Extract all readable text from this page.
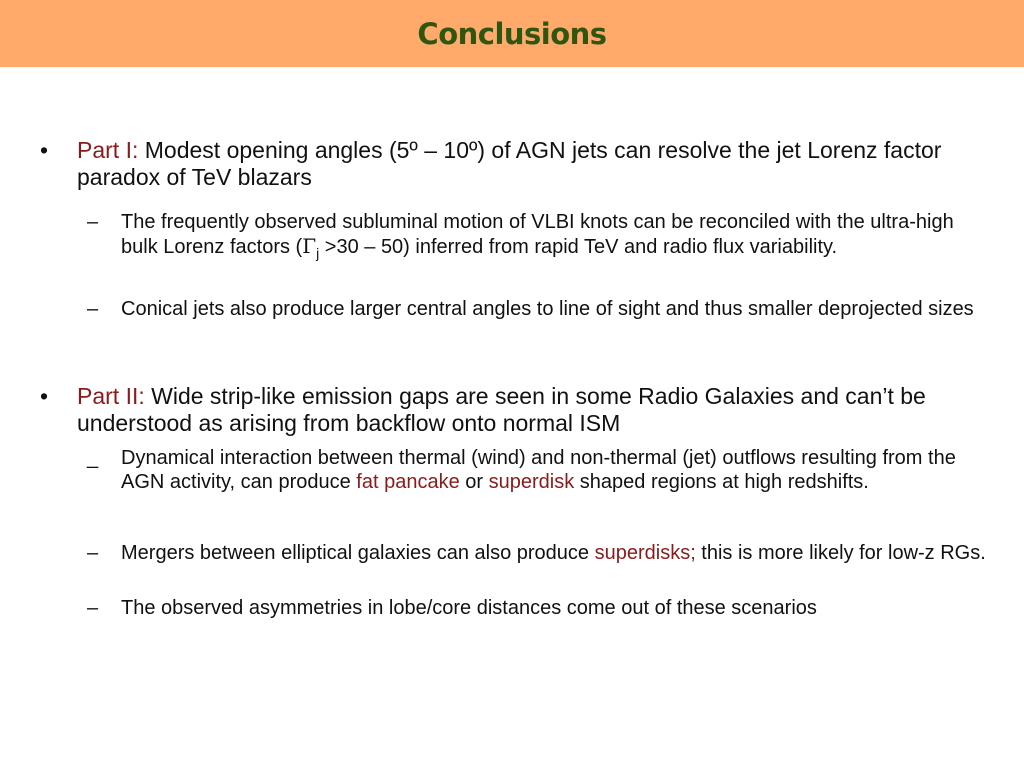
Conclusions
• Part I: Modest opening angles (5º – 10º) of AGN jets can resolve the jet Lorenz factor paradox of TeV blazars
– The frequently observed subluminal motion of VLBI knots can be reconciled with the ultra-high bulk Lorenz factors $(\Gamma_j >30 - 50)$ inferred from rapid TeV and radio flux variability.
– Conical jets also produce larger central angles to line of sight and thus smaller deprojected sizes
• Part II: Wide strip-like emission gaps are seen in some Radio Galaxies and can’t be understood as arising from backflow onto normal ISM
_ Dynamical interaction between thermal (wind) and non-thermal (jet) outflows resulting from the AGN activity, can produce fat pancake or superdisk shaped regions at high redshifts.
– Mergers between elliptical galaxies can also produce superdisks; this is more likely for low-z RGs.
– The observed asymmetries in lobe/core distances come out of these scenarios
